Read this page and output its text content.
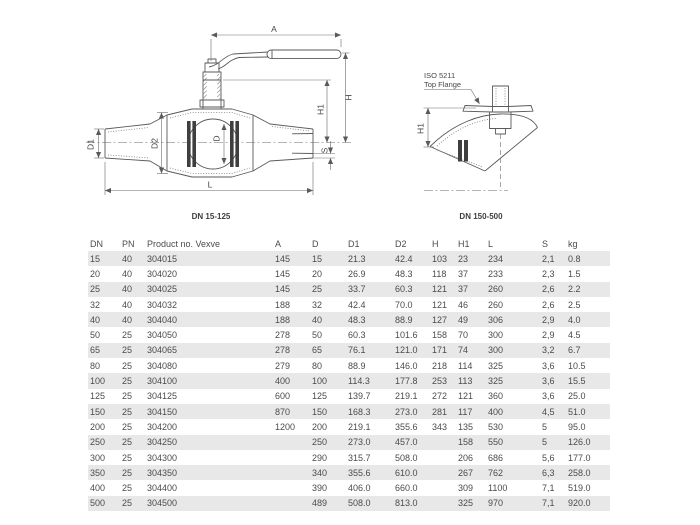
A
H
H1
D1	D2	D
S
L
DN 15-125
H1
ISO 5211
Top Flange
DN 150-500
DN	PN	Product no. Vexve	A	D	D1	D2	H	H1	L	S	kg
15	40	304015	145	15	21.3	42.4	103	23	234	2,1	0.8
20	40	304020	145	20	26.9	48.3	118	37	233	2,3	1.5
25	40	304025	145	25	33.7	60.3	121	37	260	2,6	2.2
32	40	304032	188	32	42.4	70.0	121	46	260	2,6	2.5
40	40	304040	188	40	48.3	88.9	127	49	306	2,9	4.0
50	25	304050	278	50	60.3	101.6	158	70	300	2,9	4.5
65	25	304065	278	65	76.1	121.0	171	74	300	3,2	6.7
80	25	304080	279	80	88.9	146.0	218	114	325	3,6	10.5
100	25	304100	400	100	114.3	177.8	253	113	325	3,6	15.5
125	25	304125	600	125	139.7	219.1	272	121	360	3,6	25.0
150	25	304150	870	150	168.3	273.0	281	117	400	4,5	51.0
200	25	304200	1200	200	219.1	355.6	343	135	530	5	95.0
250	25	304250		250	273.0	457.0		158	550	5	126.0
300	25	304300		290	315.7	508.0		206	686	5,6	177.0
350	25	304350		340	355.6	610.0		267	762	6,3	258.0
400	25	304400		390	406.0	660.0		309	1100	7,1	519.0
500	25	304500		489	508.0	813.0		325	970	7,1	920.0
